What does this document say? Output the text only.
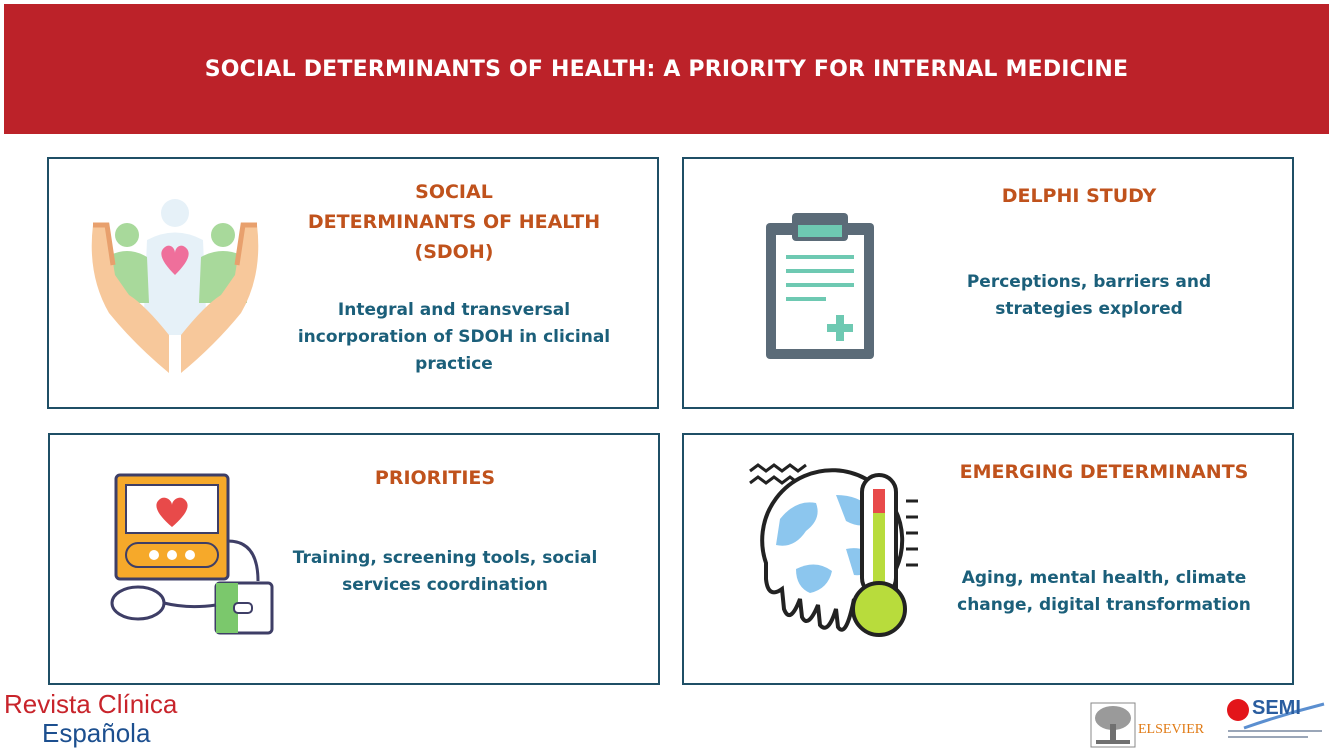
SOCIAL DETERMINANTS OF HEALTH: A PRIORITY FOR INTERNAL MEDICINE
SOCIAL
DETERMINANTS OF HEALTH
(SDOH)
Integral and transversal
incorporation of SDOH in clicinal
practice
DELPHI STUDY
Perceptions, barriers and
strategies explored
PRIORITIES
Training, screening tools, social
services coordination
EMERGING DETERMINANTS
Aging, mental health, climate
change, digital transformation
Revista Clínica
Española	ELSEVIER
SEMI
